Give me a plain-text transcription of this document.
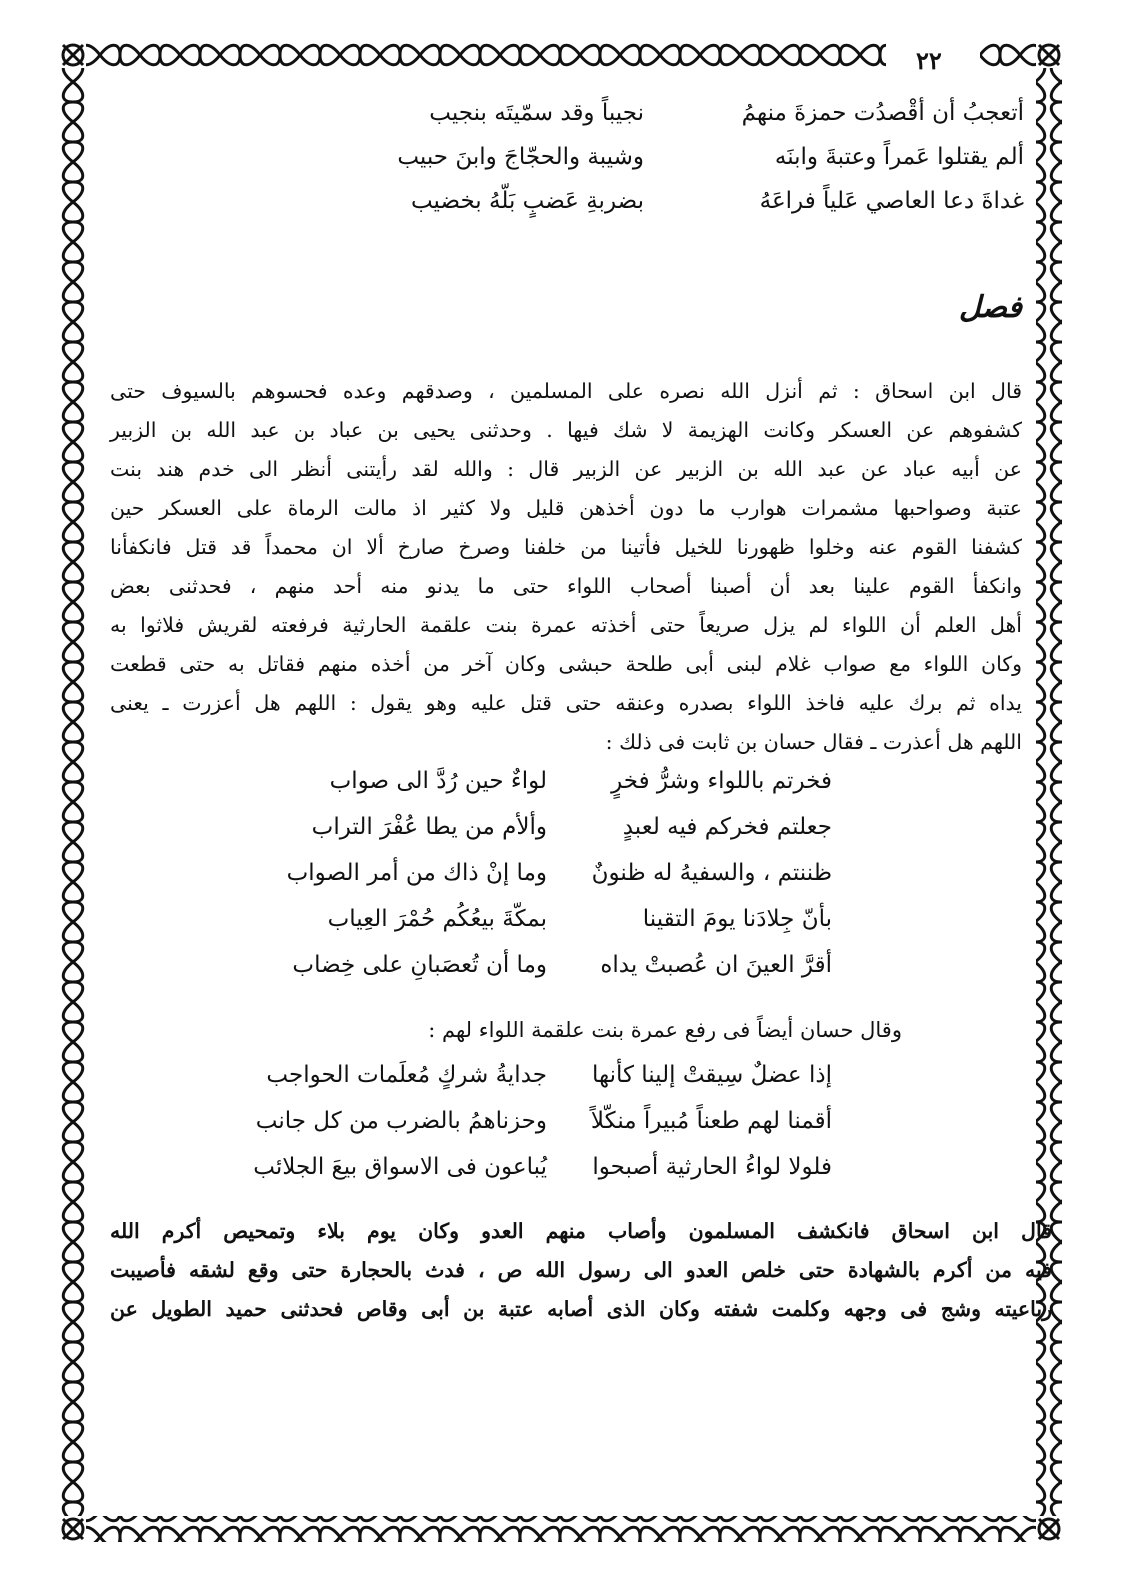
٢٢
أتعجبُ أن أقْصدُت حمزةَ منهمُ
نجيباً وقد سمّيتَه بنجيب
ألم يقتلوا عَمراً وعتبةَ وابنَه
وشيبة والحجّاجَ وابنَ حبيب
غداةَ دعا العاصي عَلياً فراعَهُ
بضربةِ عَضبٍ بَلّهُ بخضيب
فصل
قال ابن اسحاق : ثم أنزل الله نصره على المسلمين ، وصدقهم وعده فحسوهم بالسيوف حتى
كشفوهم عن العسكر وكانت الهزيمة لا شك فيها . وحدثنى يحيى بن عباد بن عبد الله بن الزبير
عن أبيه عباد عن عبد الله بن الزبير عن الزبير قال : والله لقد رأيتنى أنظر الى خدم هند بنت
عتبة وصواحبها مشمرات هوارب ما دون أخذهن قليل ولا كثير اذ مالت الرماة على العسكر حين
كشفنا القوم عنه وخلوا ظهورنا للخيل فأتينا من خلفنا وصرخ صارخ ألا ان محمداً قد قتل فانكفأنا
وانكفأ القوم علينا بعد أن أصبنا أصحاب اللواء حتى ما يدنو منه أحد منهم ، فحدثنى بعض
أهل العلم أن اللواء لم يزل صريعاً حتى أخذته عمرة بنت علقمة الحارثية فرفعته لقريش فلاثوا به
وكان اللواء مع صواب غلام لبنى أبى طلحة حبشى وكان آخر من أخذه منهم فقاتل به حتى قطعت
يداه ثم برك عليه فاخذ اللواء بصدره وعنقه حتى قتل عليه وهو يقول : اللهم هل أعزرت ـ يعنى
اللهم هل أعذرت ـ فقال حسان بن ثابت فى ذلك :
فخرتم باللواء وشرُّ فخرٍ
لواءٌ حين رُدَّ الى صواب
جعلتم فخركم فيه لعبدٍ
وألأم من يطا عُفْرَ التراب
ظننتم ، والسفيهُ له ظنونٌ
وما إنْ ذاك من أمر الصواب
بأنّ جِلادَنا يومَ التقينا
بمكّةَ بيعُكُم حُمْرَ العِياب
أقرَّ العينَ ان عُصبتْ يداه
وما أن تُعصَبانِ على خِضاب
وقال حسان أيضاً فى رفع عمرة بنت علقمة اللواء لهم :
إذا عضلٌ سِيقتْ إلينا كأنها
جدايةُ شركٍ مُعلَمات الحواجب
أقمنا لهم طعناً مُبيراً منكّلاً
وحزناهمُ بالضرب من كل جانب
فلولا لواءُ الحارثية أصبحوا
يُباعون فى الاسواق بيعَ الجلائب
قال ابن اسحاق فانكشف المسلمون وأصاب منهم العدو وكان يوم بلاء وتمحيص أكرم الله
فيه من أكرم بالشهادة حتى خلص العدو الى رسول الله ص ، فدث بالحجارة حتى وقع لشقه فأصيبت
رباعيته وشج فى وجهه وكلمت شفته وكان الذى أصابه عتبة بن أبى وقاص فحدثنى حميد الطويل عن
